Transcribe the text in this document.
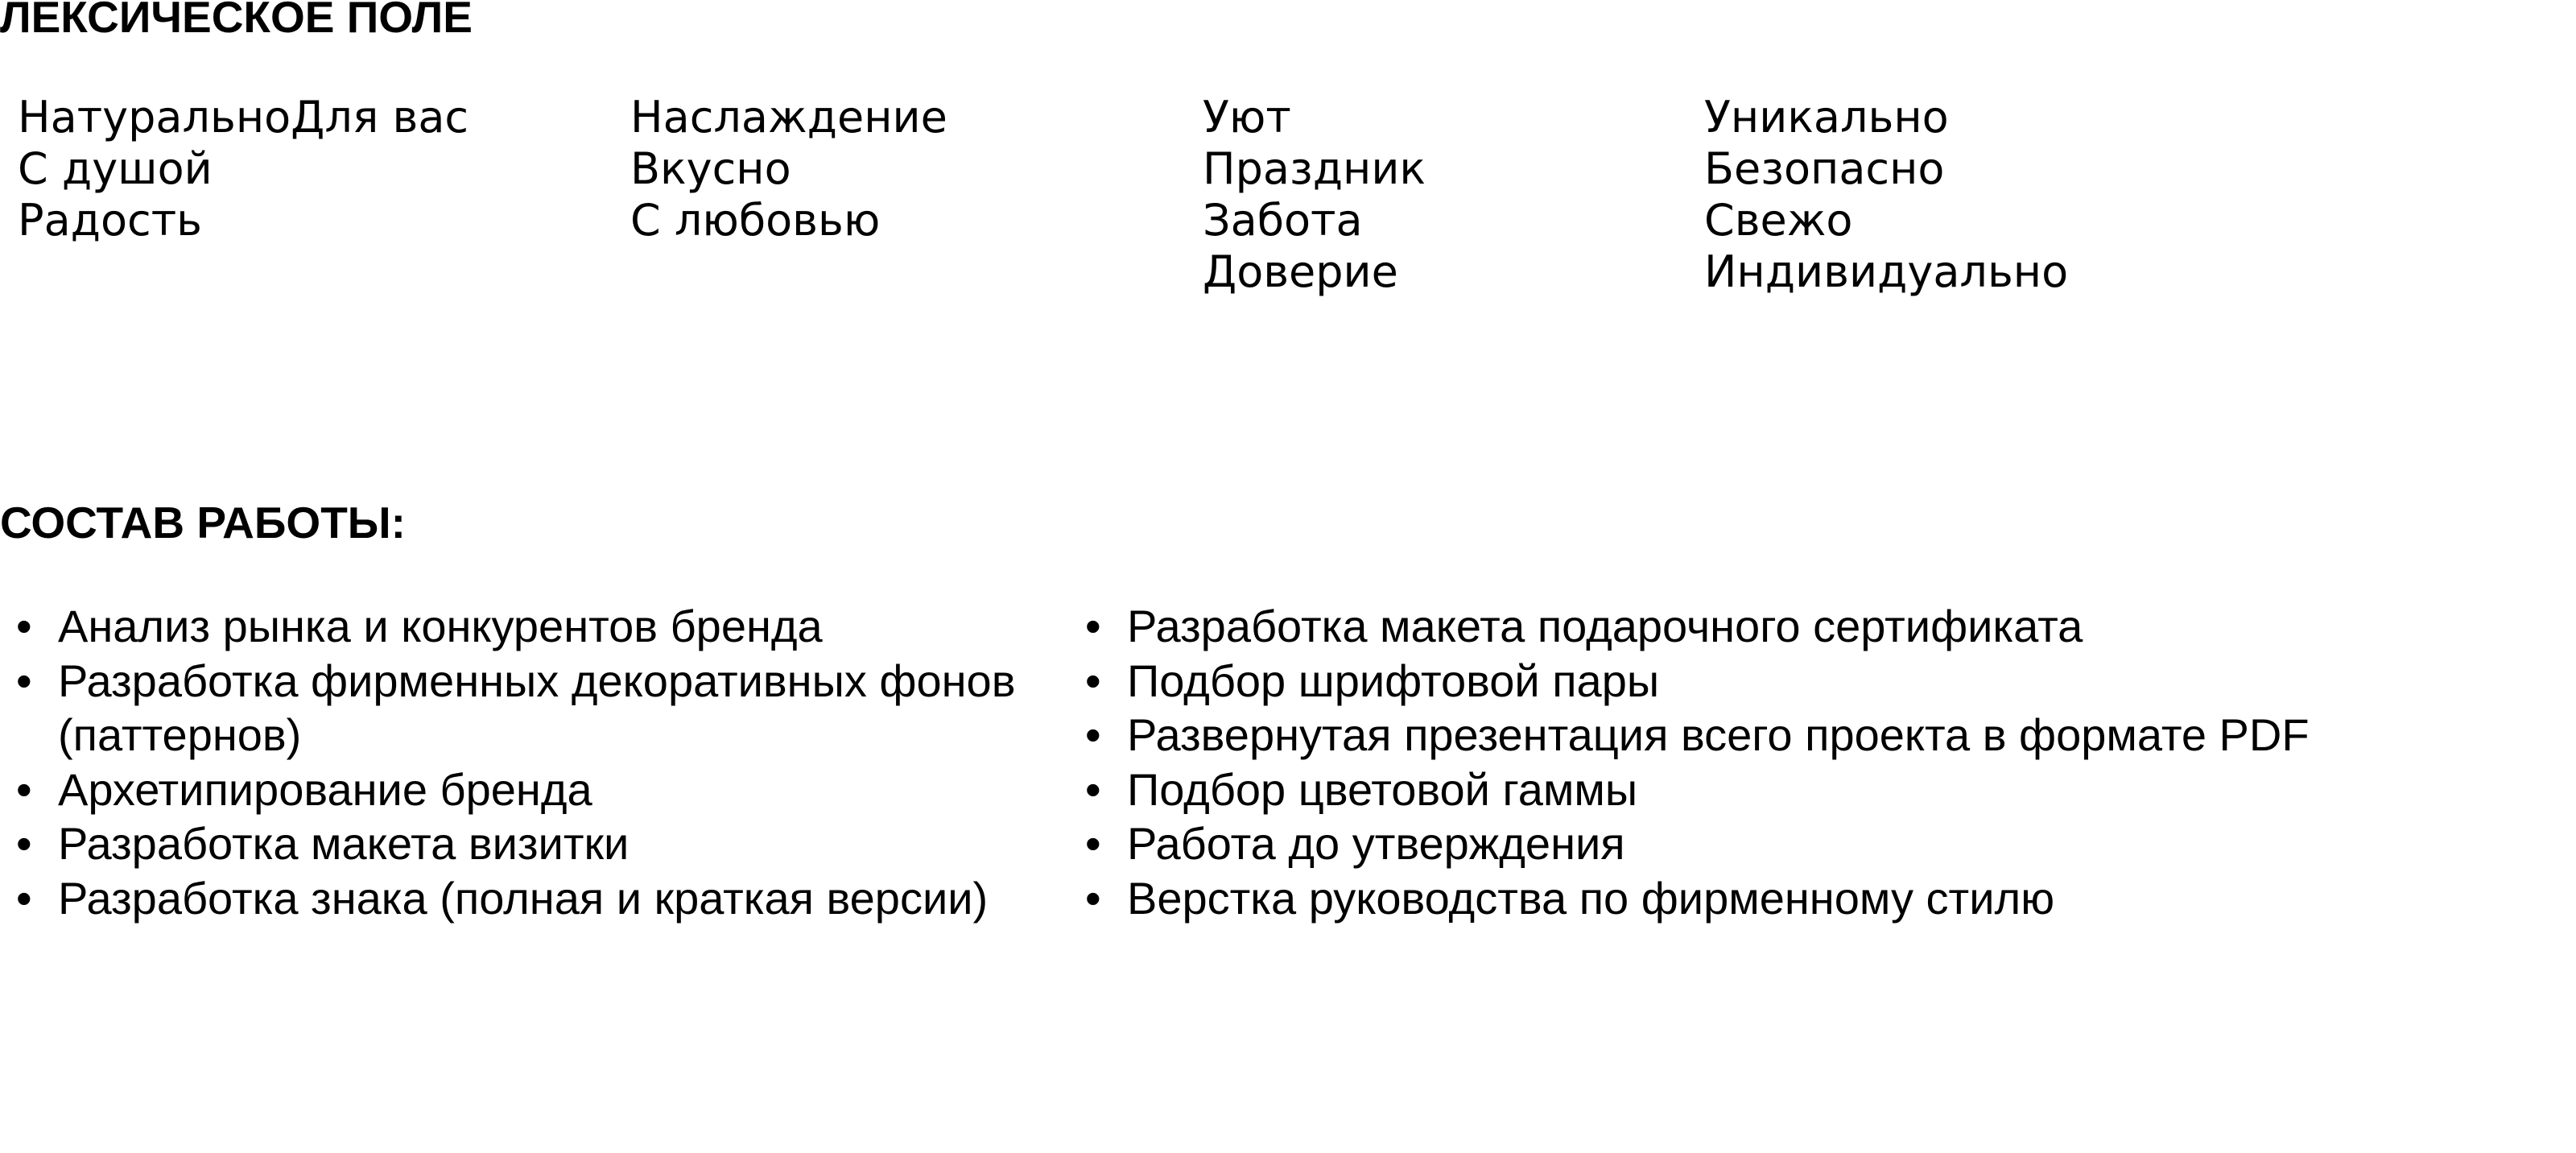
ЛЕКСИЧЕСКОЕ ПОЛЕ
НатуральноДля вас
С душой
Радость
Наслаждение
Вкусно
С любовью
Уют
Праздник
Забота
Доверие
Уникально
Безопасно
Свежо
Индивидуально
СОСТАВ РАБОТЫ:
• Анализ рынка и конкурентов бренда
• Разработка фирменных декоративных фонов (паттернов)
• Архетипирование бренда
• Разработка макета визитки
• Разработка знака (полная и краткая версии)
• Разработка макета подарочного сертификата
• Подбор шрифтовой пары
• Развернутая презентация всего проекта в формате PDF
• Подбор цветовой гаммы
• Работа до утверждения
• Верстка руководства по фирменному стилю
